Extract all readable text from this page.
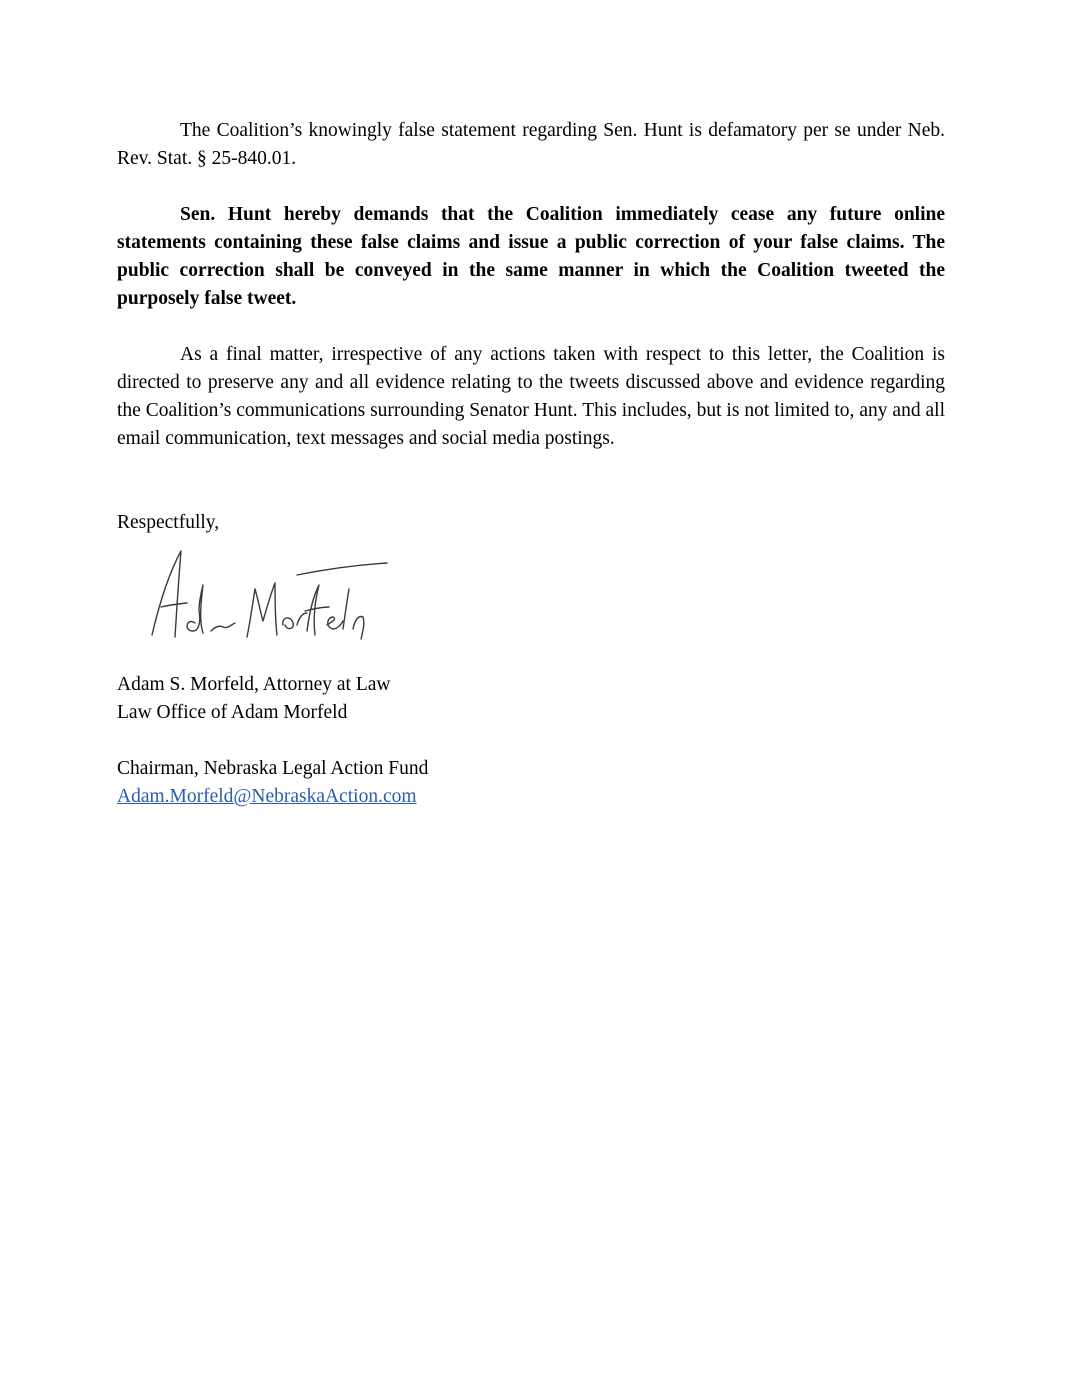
The Coalition’s knowingly false statement regarding Sen. Hunt is defamatory per se under Neb. Rev. Stat. § 25-840.01.

Sen. Hunt hereby demands that the Coalition immediately cease any future online statements containing these false claims and issue a public correction of your false claims. The public correction shall be conveyed in the same manner in which the Coalition tweeted the purposely false tweet.

As a final matter, irrespective of any actions taken with respect to this letter, the Coalition is directed to preserve any and all evidence relating to the tweets discussed above and evidence regarding the Coalition’s communications surrounding Senator Hunt. This includes, but is not limited to, any and all email communication, text messages and social media postings.

Respectfully,

Adam S. Morfeld, Attorney at Law

Law Office of Adam Morfeld

Chairman, Nebraska Legal Action Fund

Adam.Morfeld@NebraskaAction.com
